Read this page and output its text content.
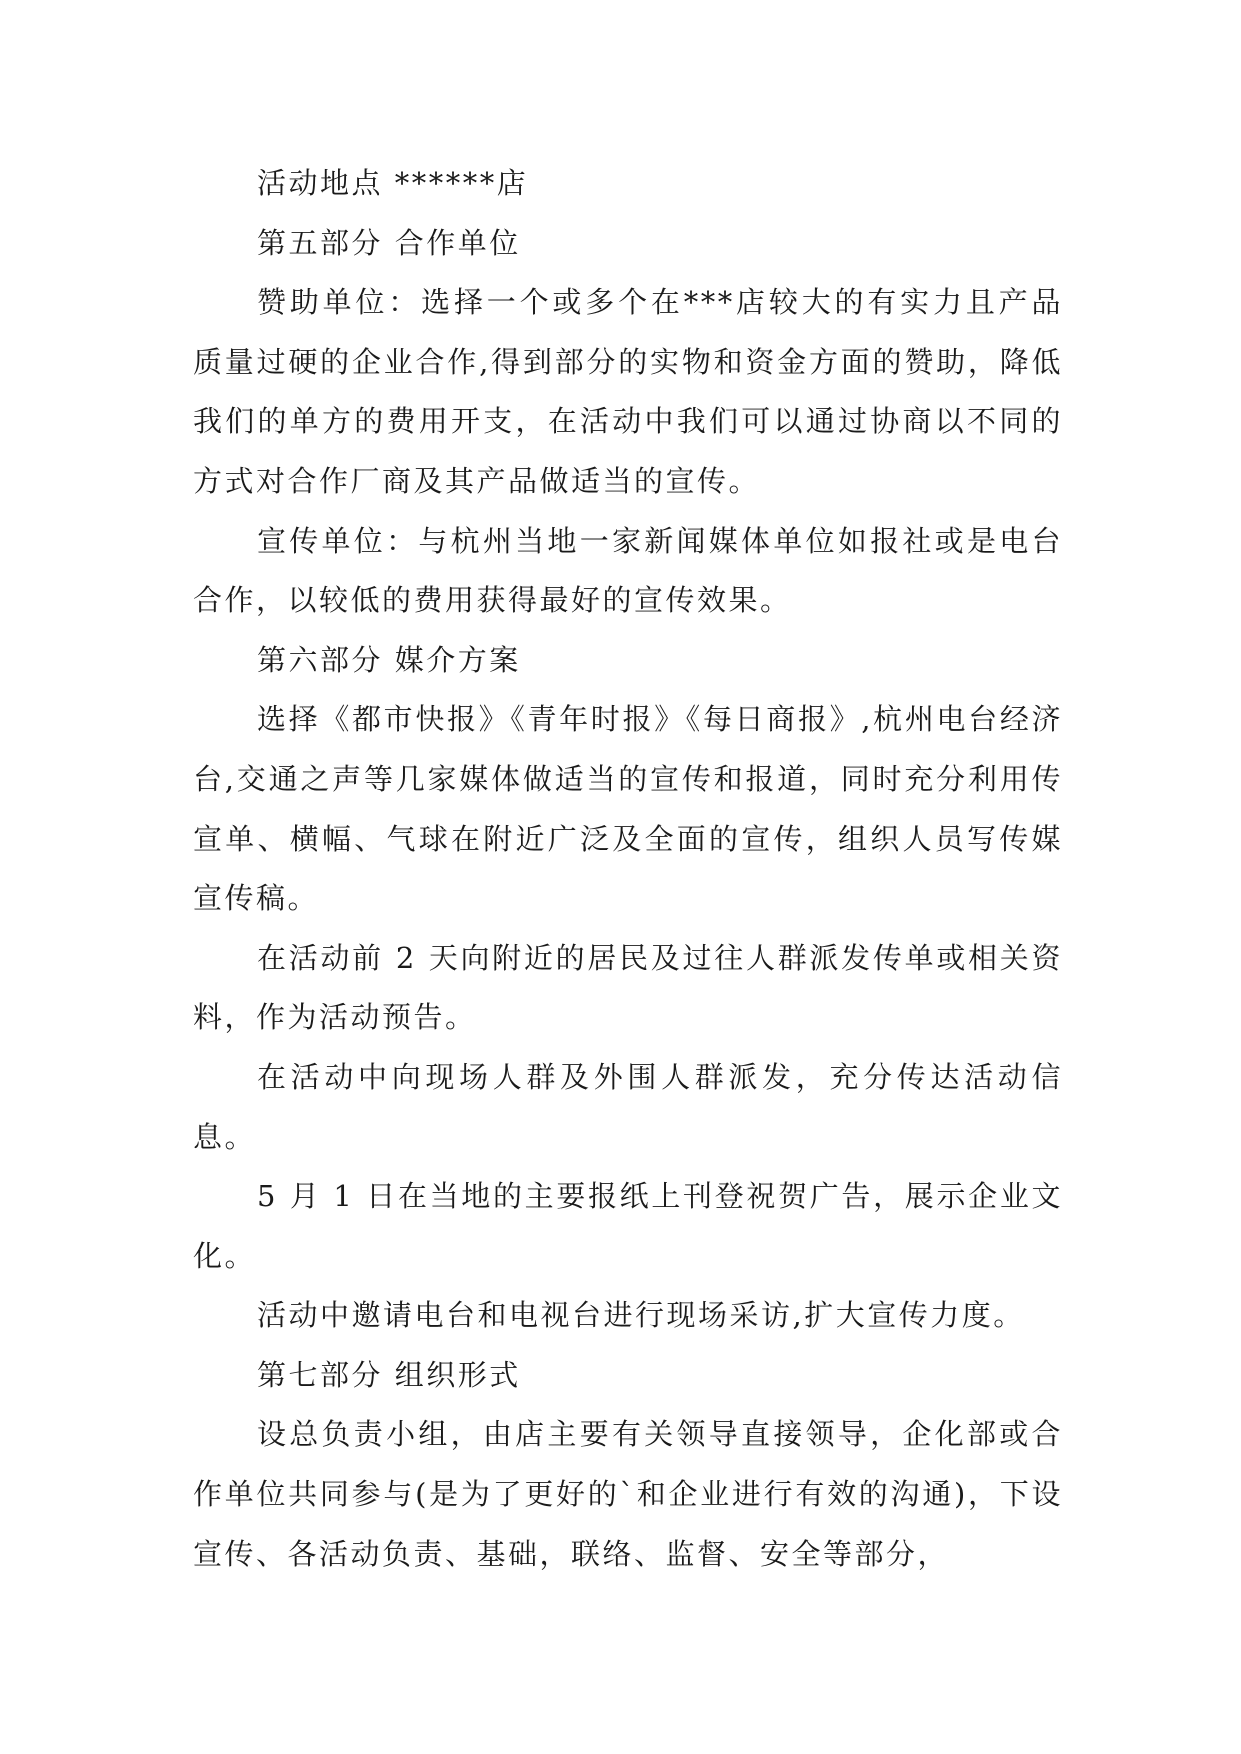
活动地点 ******店

第五部分 合作单位

赞助单位：选择一个或多个在***店较大的有实力且产品质量过硬的企业合作,得到部分的实物和资金方面的赞助，降低我们的单方的费用开支，在活动中我们可以通过协商以不同的方式对合作厂商及其产品做适当的宣传。

宣传单位：与杭州当地一家新闻媒体单位如报社或是电台合作，以较低的费用获得最好的宣传效果。

第六部分 媒介方案

选择《都市快报》《青年时报》《每日商报》,杭州电台经济台,交通之声等几家媒体做适当的宣传和报道，同时充分利用传宣单、横幅、气球在附近广泛及全面的宣传，组织人员写传媒宣传稿。

在活动前 2 天向附近的居民及过往人群派发传单或相关资料，作为活动预告。

在活动中向现场人群及外围人群派发，充分传达活动信息。

5 月 1 日在当地的主要报纸上刊登祝贺广告，展示企业文化。

活动中邀请电台和电视台进行现场采访,扩大宣传力度。

第七部分 组织形式

设总负责小组，由店主要有关领导直接领导，企化部或合作单位共同参与(是为了更好的`和企业进行有效的沟通)，下设宣传、各活动负责、基础，联络、监督、安全等部分，
